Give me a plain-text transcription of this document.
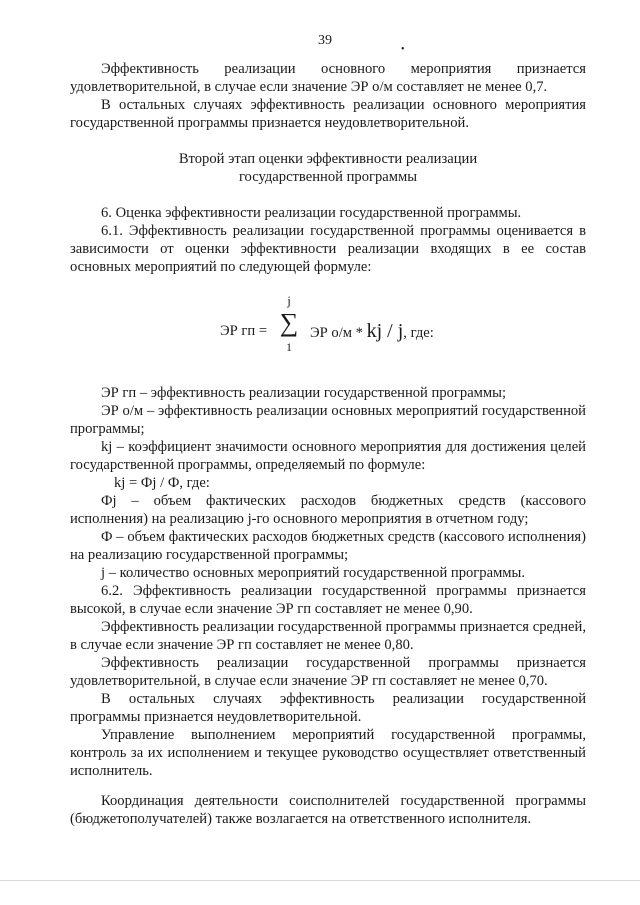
39
•

Эффективность реализации основного мероприятия признается удовлетворительной, в случае если значение ЭР о/м составляет не менее 0,7.

В остальных случаях эффективность реализации основного мероприятия государственной программы признается неудовлетворительной.

Второй этап оценки эффективности реализации
государственной программы

6. Оценка эффективности реализации государственной программы.

6.1. Эффективность реализации государственной программы оценивается в зависимости от оценки эффективности реализации входящих в ее состав основных мероприятий по следующей формуле:

ЭР гп =
j
∑
1
ЭР о/м * kj / j, где:

ЭР гп – эффективность реализации государственной программы;

ЭР о/м – эффективность реализации основных мероприятий государственной программы;

kj – коэффициент значимости основного мероприятия для достижения целей государственной программы, определяемый по формуле:

kj = Фj / Ф, где:

Фj – объем фактических расходов бюджетных средств (кассового исполнения) на реализацию j-го основного мероприятия в отчетном году;

Ф – объем фактических расходов бюджетных средств (кассового исполнения) на реализацию государственной программы;

j – количество основных мероприятий государственной программы.

6.2. Эффективность реализации государственной программы признается высокой, в случае если значение ЭР гп составляет не менее 0,90.

Эффективность реализации государственной программы признается средней, в случае если значение ЭР гп составляет не менее 0,80.

Эффективность реализации государственной программы признается удовлетворительной, в случае если значение ЭР гп составляет не менее 0,70.

В остальных случаях эффективность реализации государственной программы признается неудовлетворительной.

Управление выполнением мероприятий государственной программы, контроль за их исполнением и текущее руководство осуществляет ответственный исполнитель.

Координация деятельности соисполнителей государственной программы (бюджетополучателей) также возлагается на ответственного исполнителя.
